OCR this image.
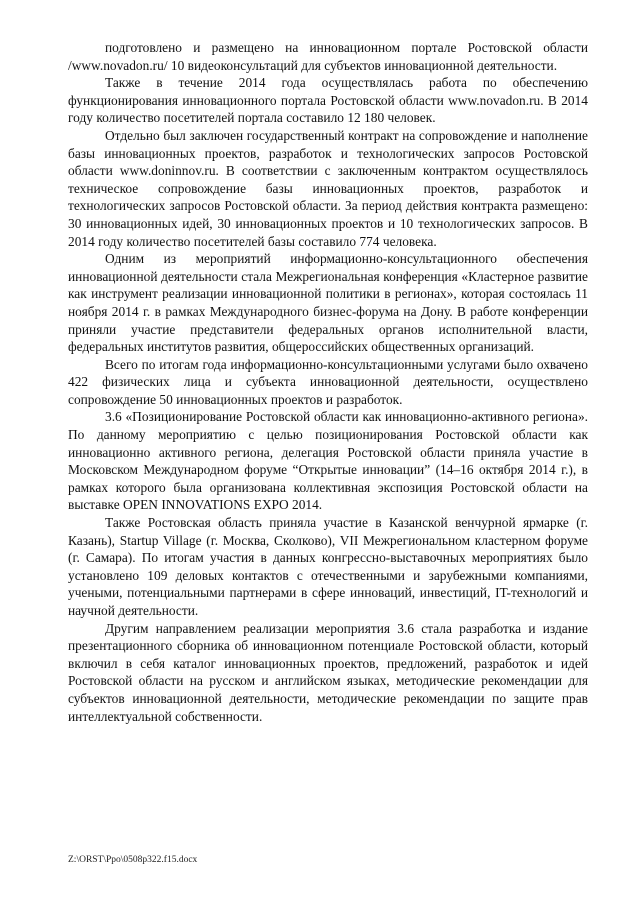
подготовлено и размещено на инновационном портале Ростовской области /www.novadon.ru/ 10 видеоконсультаций для субъектов инновационной деятельности.

Также в течение 2014 года осуществлялась работа по обеспечению функционирования инновационного портала Ростовской области www.novadon.ru. В 2014 году количество посетителей портала составило 12 180 человек.

Отдельно был заключен государственный контракт на сопровождение и наполнение базы инновационных проектов, разработок и технологических запросов Ростовской области www.doninnov.ru. В соответствии с заключенным контрактом осуществлялось техническое сопровождение базы инновационных проектов, разработок и технологических запросов Ростовской области. За период действия контракта размещено: 30 инновационных идей, 30 инновационных проектов и 10 технологических запросов. В 2014 году количество посетителей базы составило 774 человека.

Одним из мероприятий информационно-консультационного обеспечения инновационной деятельности стала Межрегиональная конференция «Кластерное развитие как инструмент реализации инновационной политики в регионах», которая состоялась 11 ноября 2014 г. в рамках Международного бизнес-форума на Дону. В работе конференции приняли участие представители федеральных органов исполнительной власти, федеральных институтов развития, общероссийских общественных организаций.

Всего по итогам года информационно-консультационными услугами было охвачено 422 физических лица и субъекта инновационной деятельности, осуществлено сопровождение 50 инновационных проектов и разработок.

3.6 «Позиционирование Ростовской области как инновационно-активного региона». По данному мероприятию с целью позиционирования Ростовской области как инновационно активного региона, делегация Ростовской области приняла участие в Московском Международном форуме “Открытые инновации” (14–16 октября 2014 г.), в рамках которого была организована коллективная экспозиция Ростовской области на выставке OPEN INNOVATIONS EXPO 2014.

Также Ростовская область приняла участие в Казанской венчурной ярмарке (г. Казань), Startup Village (г. Москва, Сколково), VII Межрегиональном кластерном форуме (г. Самара). По итогам участия в данных конгрессно-выставочных мероприятиях было установлено 109 деловых контактов с отечественными и зарубежными компаниями, учеными, потенциальными партнерами в сфере инноваций, инвестиций, IT-технологий и научной деятельности.

Другим направлением реализации мероприятия 3.6 стала разработка и издание презентационного сборника об инновационном потенциале Ростовской области, который включил в себя каталог инновационных проектов, предложений, разработок и идей Ростовской области на русском и английском языках, методические рекомендации для субъектов инновационной деятельности, методические рекомендации по защите прав интеллектуальной собственности.

Z:\ORST\Ppo\0508p322.f15.docx
